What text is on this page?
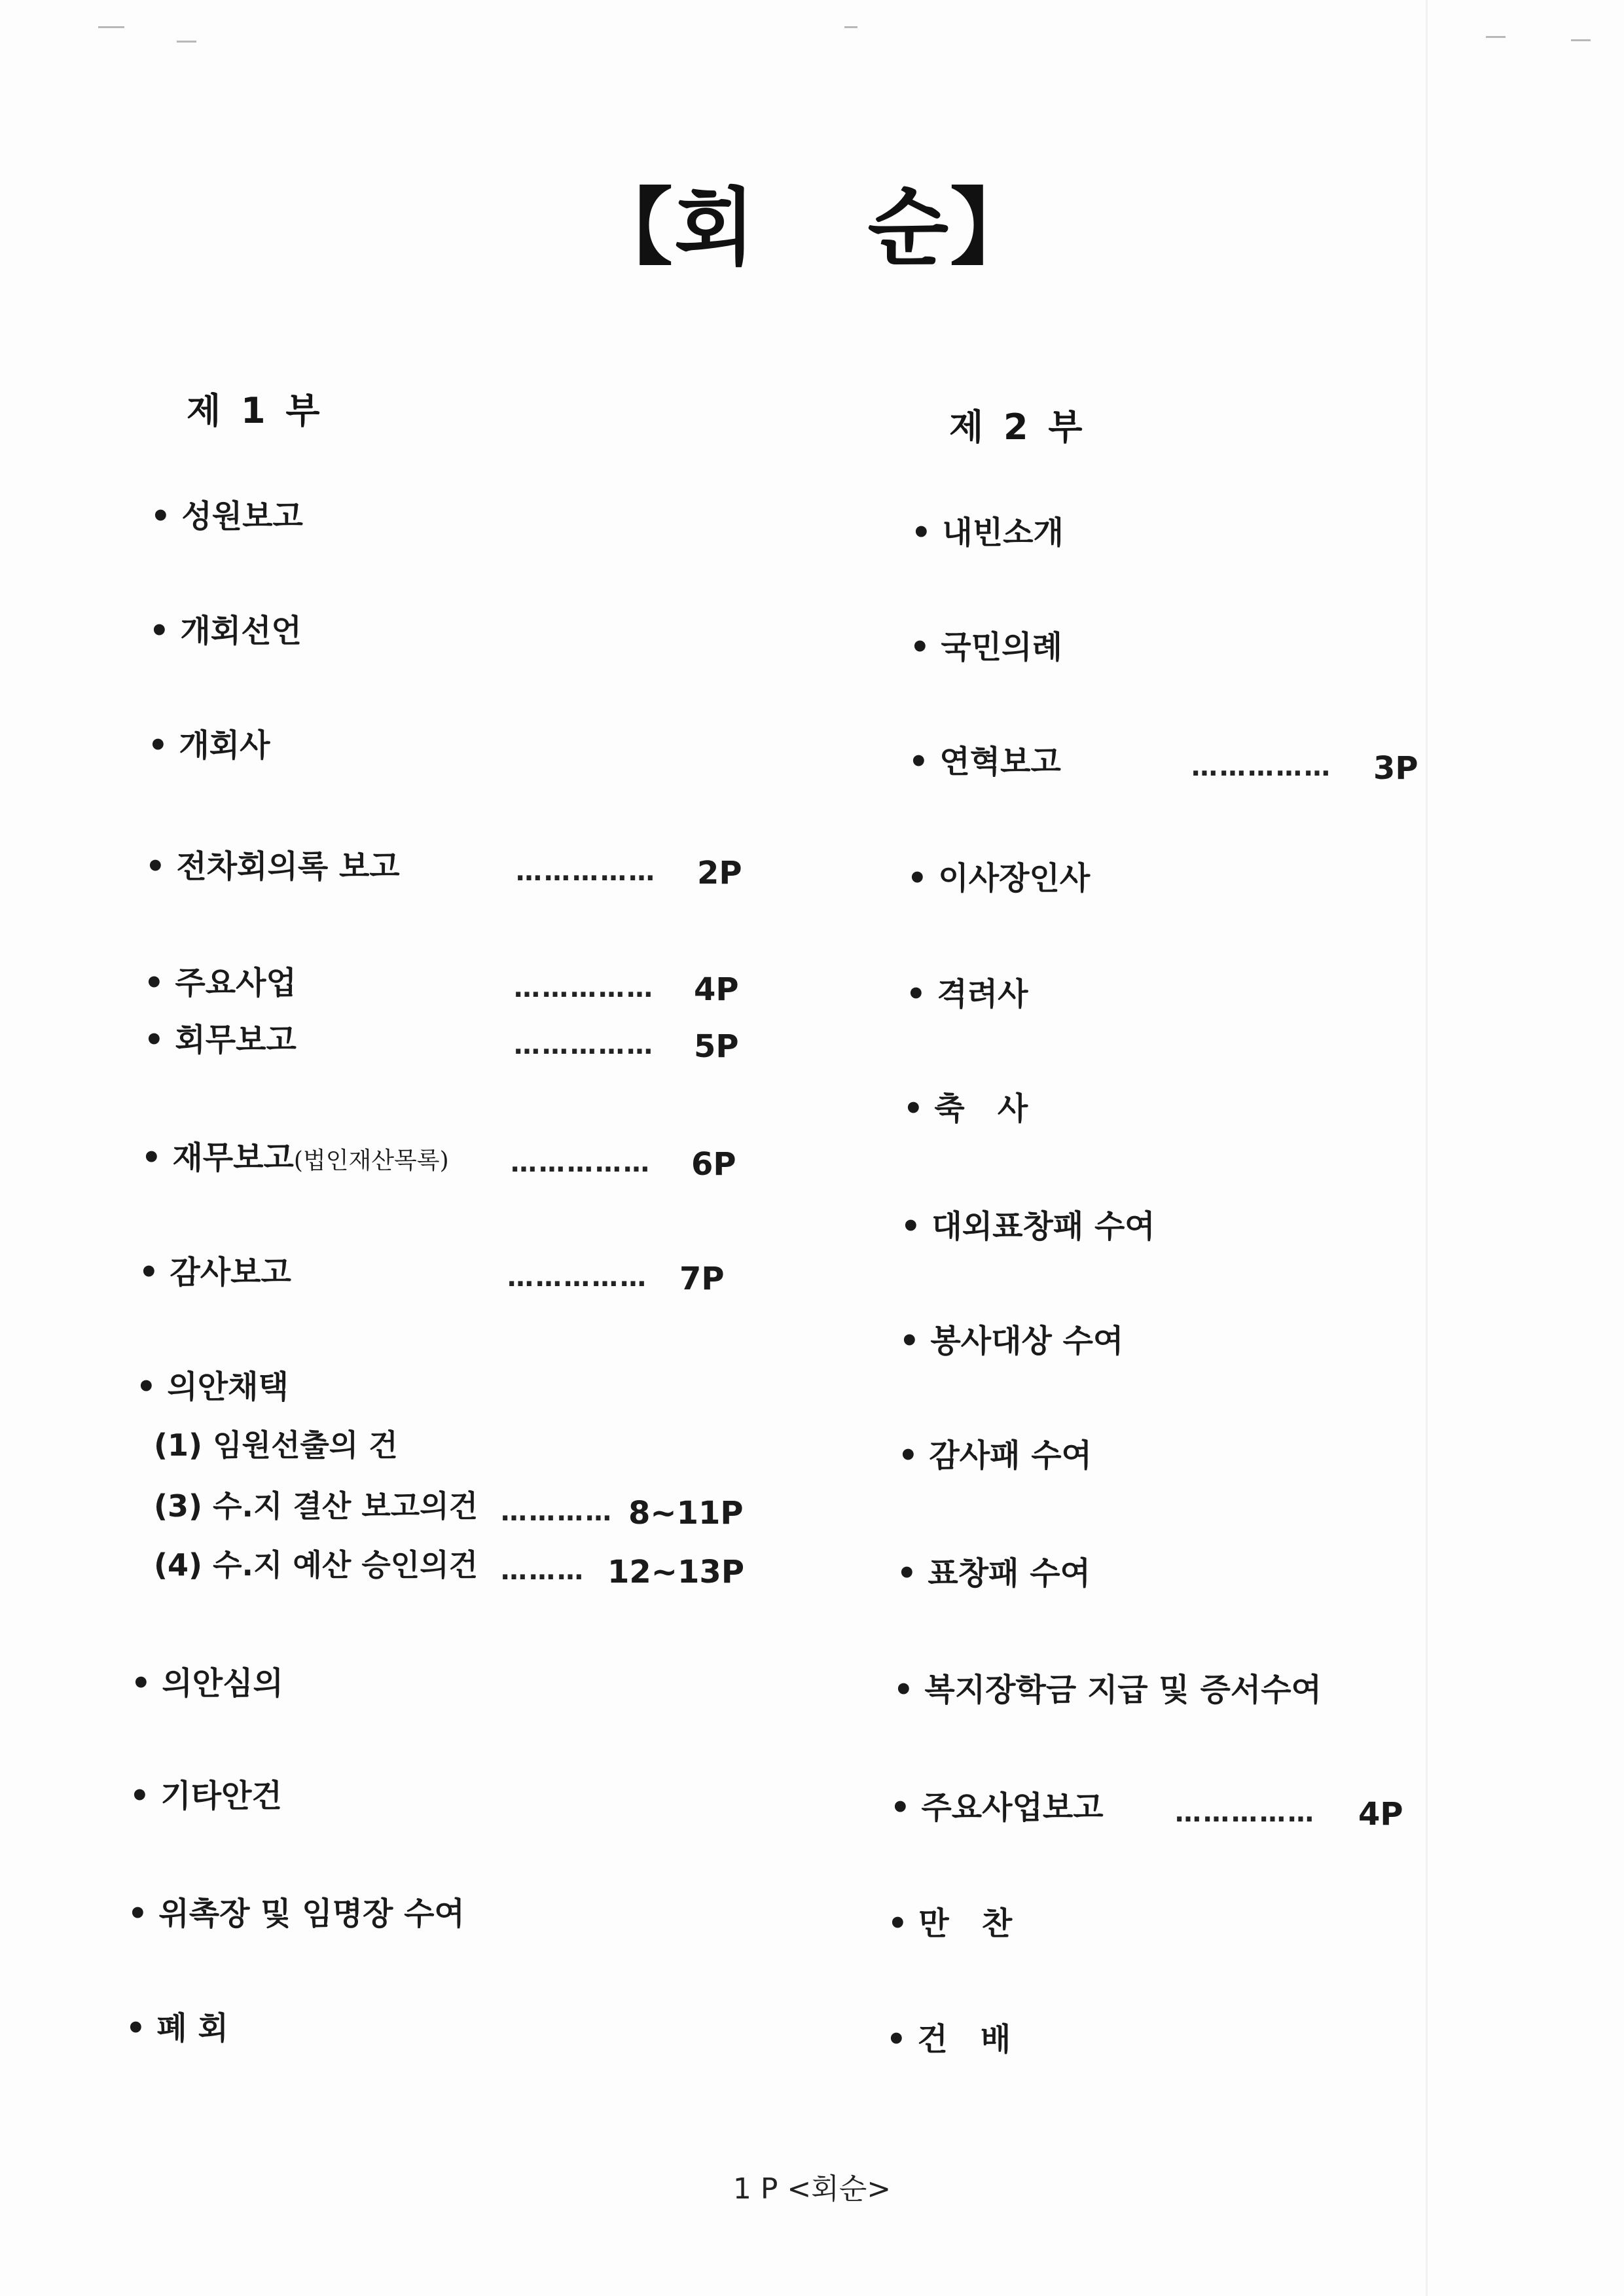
【회 순】
제 1 부
• 성원보고
• 개회선언
• 개회사
• 전차회의록 보고	…………… 2P
• 주요사업	…………… 4P
• 회무보고	…………… 5P
• 재무보고(법인재산목록) …………… 6P
• 감사보고	…………… 7P
• 의안채택
(1) 임원선출의 건
(3) 수.지 결산 보고의건 ………… 8~11P
(4) 수.지 예산 승인의건 ……… 12~13P
• 의안심의
• 기타안건
• 위촉장 및 임명장 수여
• 폐 회
제 2 부
• 내빈소개
• 국민의례
• 연혁보고	…………… 3P
• 이사장인사
• 격려사
• 축   사
• 대외표창패 수여
• 봉사대상 수여
• 감사패 수여
• 표창패 수여
• 복지장학금 지급 및 증서수여
• 주요사업보고	…………… 4P
• 만   찬
• 건   배
1 P <회순>
